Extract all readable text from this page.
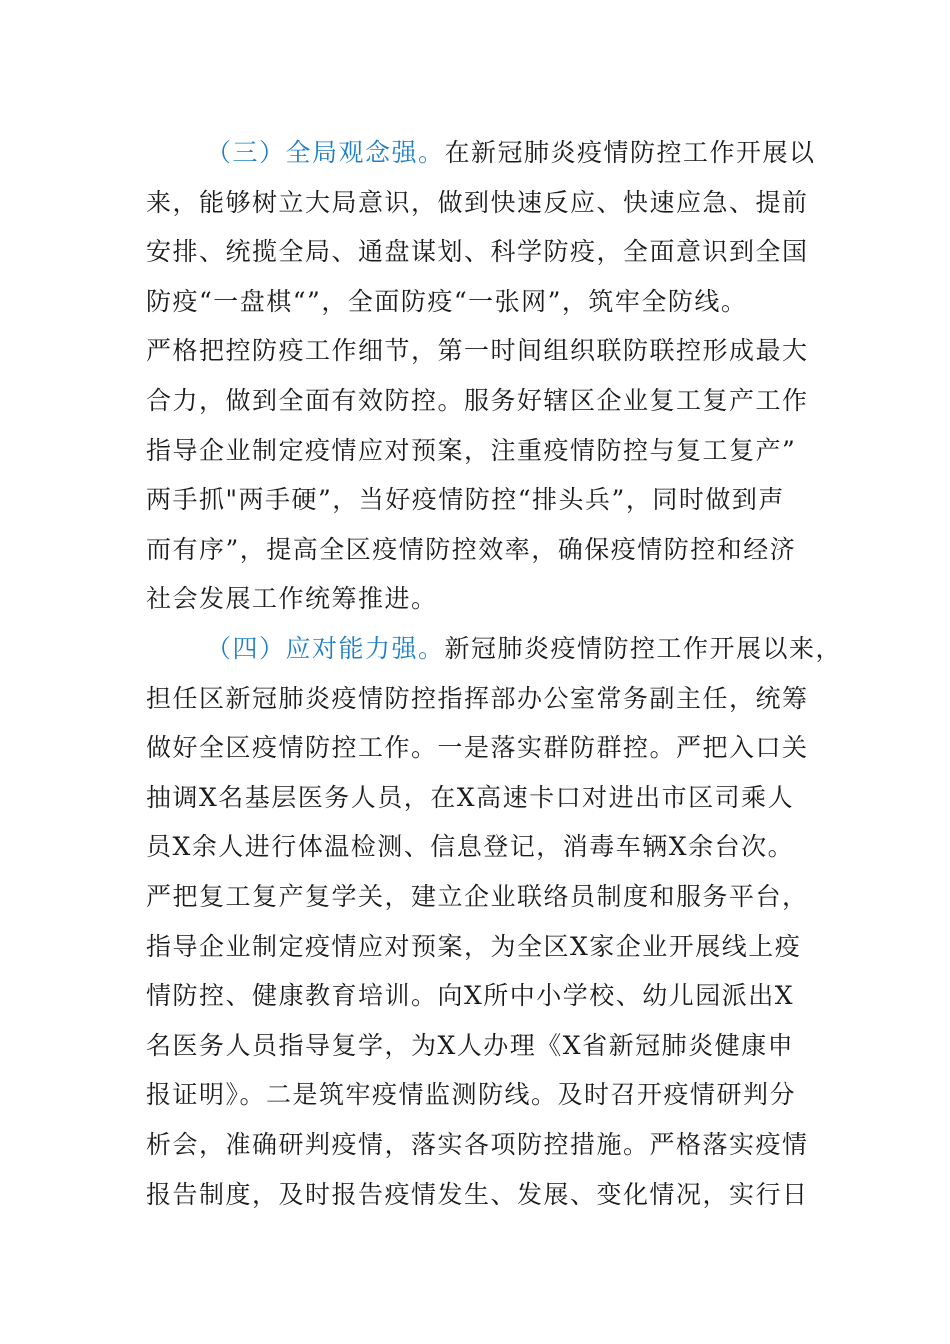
（三）全局观念强。在新冠肺炎疫情防控工作开展以
来，能够树立大局意识，做到快速反应、快速应急、提前
安排、统揽全局、通盘谋划、科学防疫，全面意识到全国
防疫“一盘棋“”，全面防疫“一张网”，筑牢全防线。
严格把控防疫工作细节，第一时间组织联防联控形成最大
合力，做到全面有效防控。服务好辖区企业复工复产工作
指导企业制定疫情应对预案，注重疫情防控与复工复产”
两手抓"两手硬”，当好疫情防控“排头兵”，同时做到声
而有序”，提高全区疫情防控效率，确保疫情防控和经济
社会发展工作统筹推进。
（四）应对能力强。新冠肺炎疫情防控工作开展以来，
担任区新冠肺炎疫情防控指挥部办公室常务副主任，统筹
做好全区疫情防控工作。一是落实群防群控。严把入口关
抽调X名基层医务人员，在X高速卡口对进出市区司乘人
员X余人进行体温检测、信息登记，消毒车辆X余台次。
严把复工复产复学关，建立企业联络员制度和服务平台，
指导企业制定疫情应对预案，为全区X家企业开展线上疫
情防控、健康教育培训。向X所中小学校、幼儿园派出X
名医务人员指导复学，为X人办理《X省新冠肺炎健康申
报证明》。二是筑牢疫情监测防线。及时召开疫情研判分
析会，准确研判疫情，落实各项防控措施。严格落实疫情
报告制度，及时报告疫情发生、发展、变化情况，实行日
